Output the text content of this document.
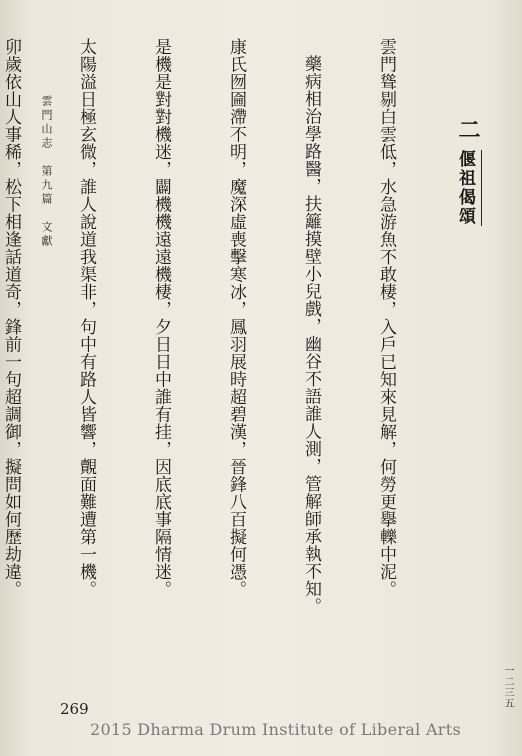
二
偃祖偈頌

雲門聳剔白雲低，水急游魚不敢棲，入戶已知來見解，何勞更擧轢中泥。

藥病相治學路醫，扶籬摸壁小兒戲，幽谷不語誰人測，管解師承執不知。

康氏囫圇滯不明，魔深虛喪擊寒冰，鳳羽展時超碧漢，晉鋒八百擬何憑。

是機是對對機迷，闢機機遠遠機棲，夕日日中誰有挂，因底底事隔情迷。

太陽溢日極玄微，誰人說道我渠非，句中有路人皆響，覿面難遭第一機。

卯歲依山人事稀，松下相逢話道奇，鋒前一句超調御，擬問如何歷劫違。

雲門山志　第九篇　文獻
一二三五
269
2015 Dharma Drum Institute of Liberal Arts
